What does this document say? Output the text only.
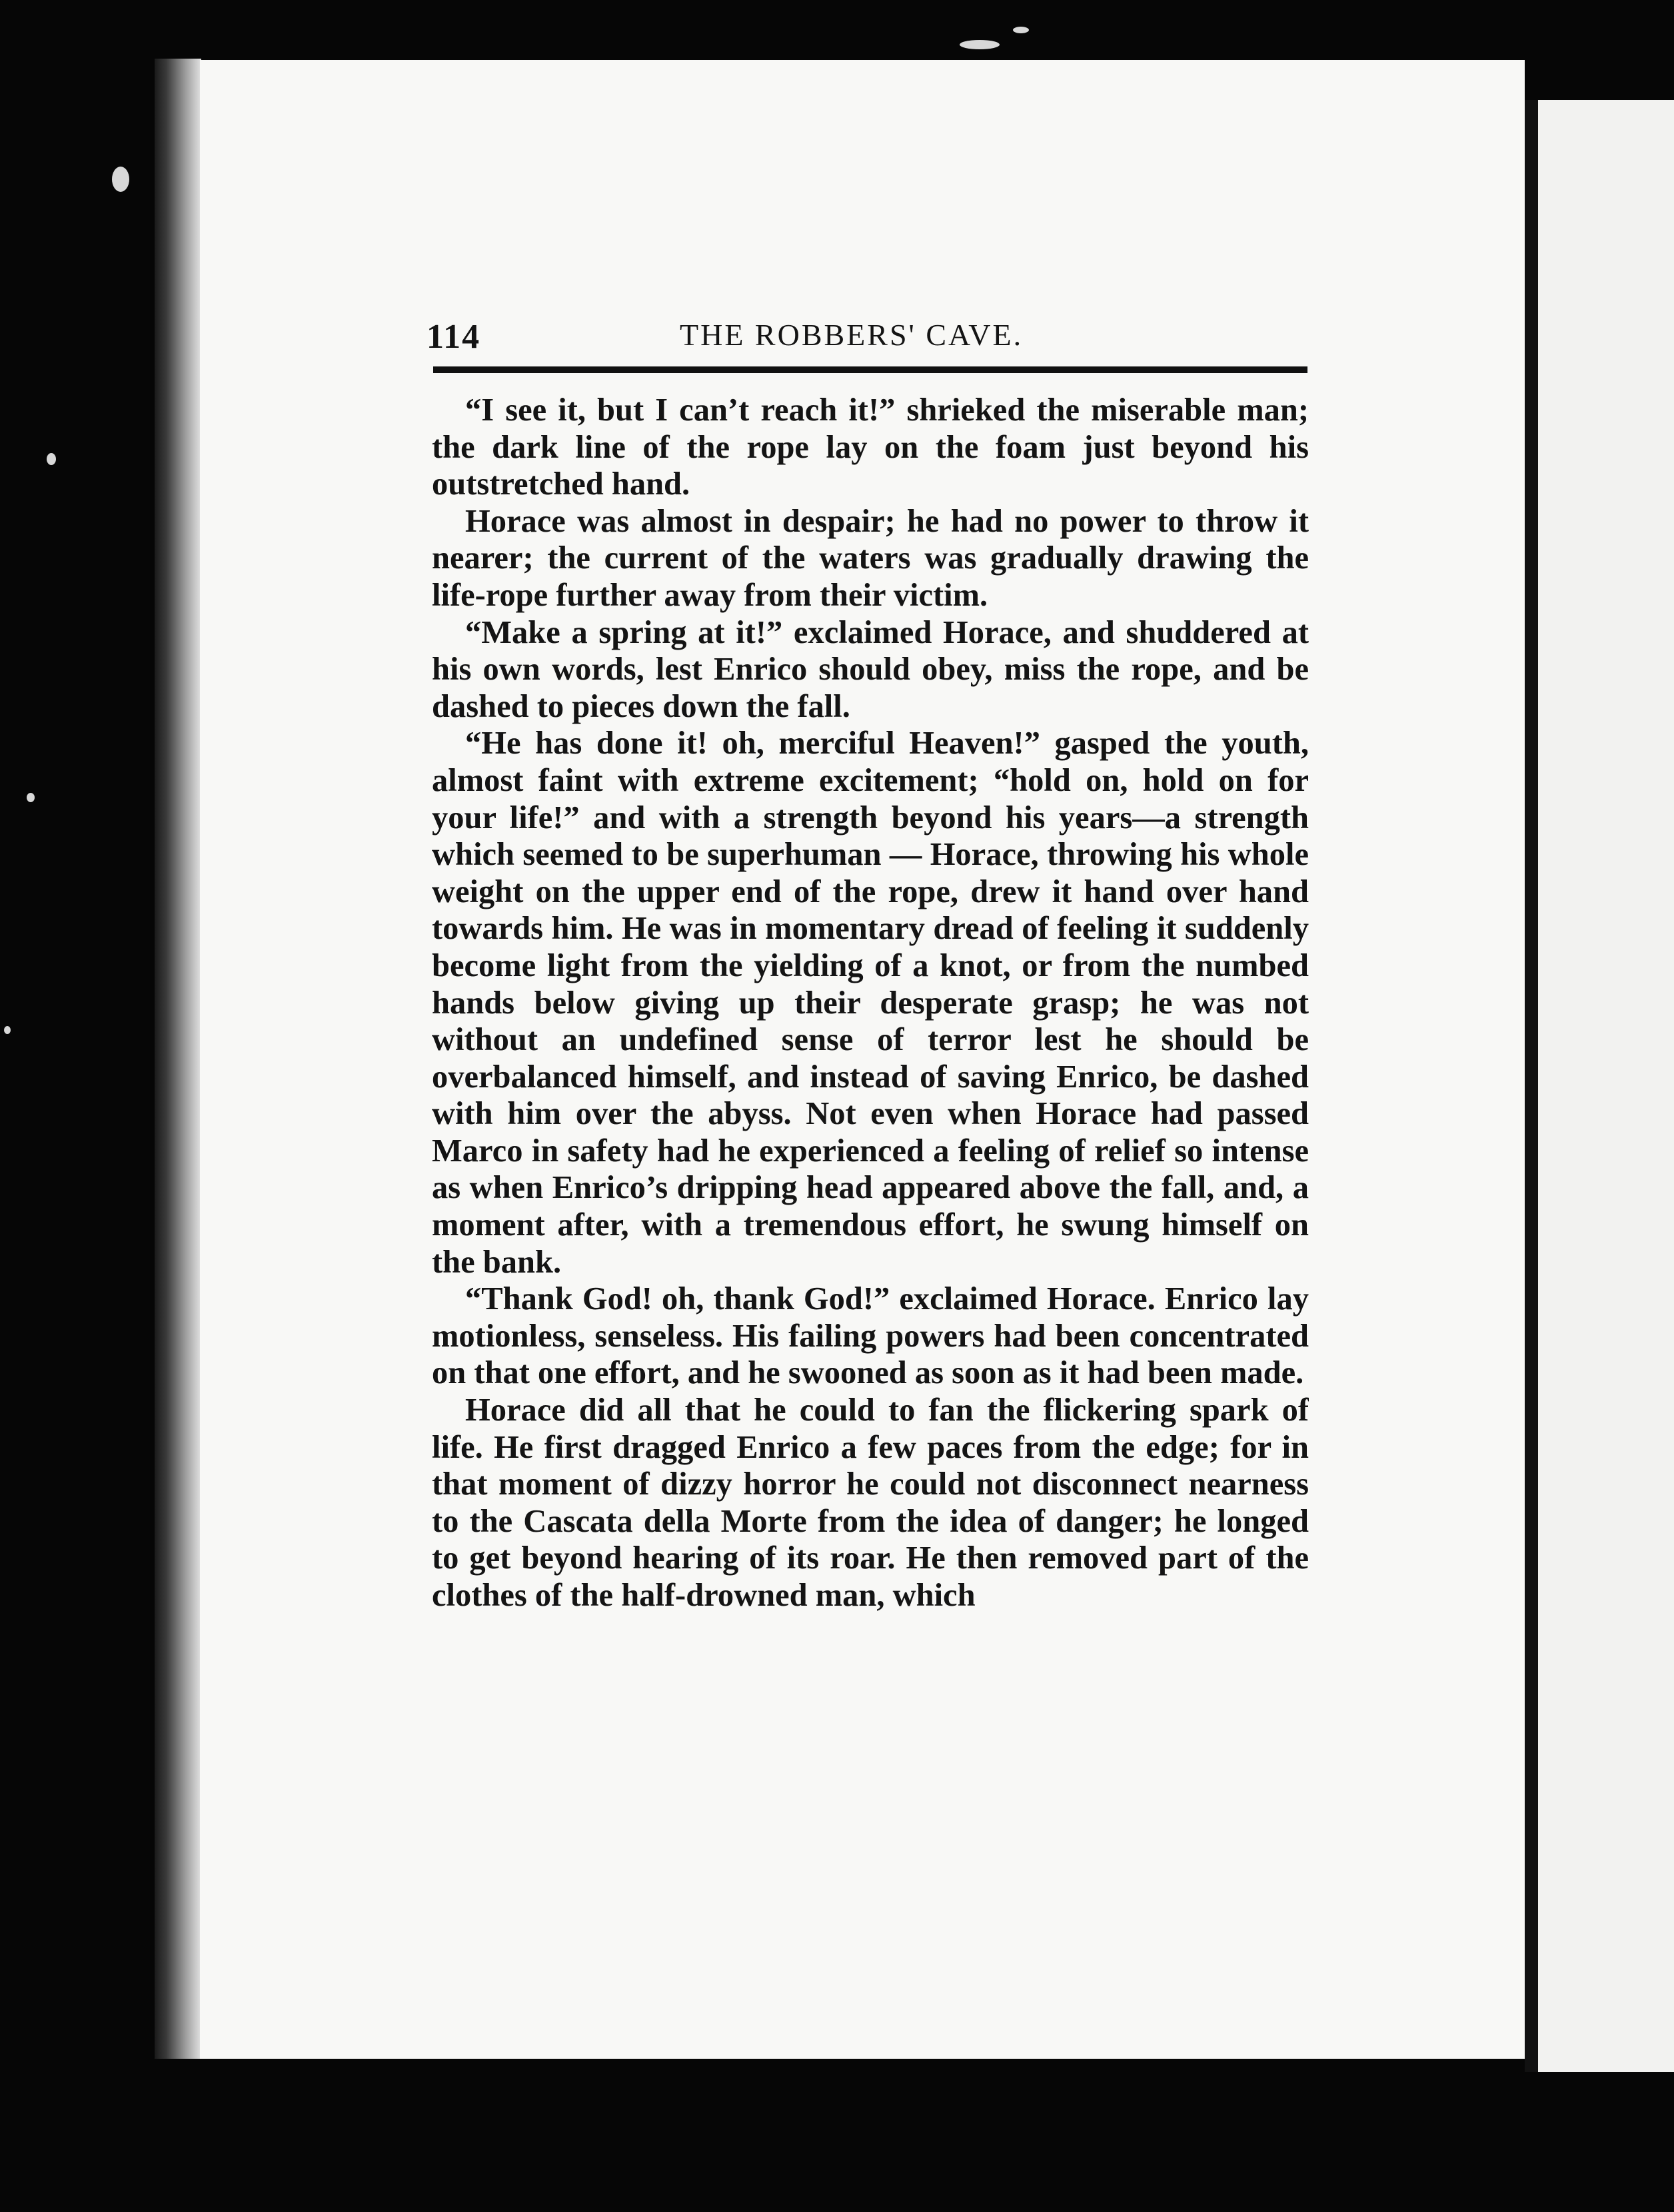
114	THE ROBBERS' CAVE.

“I see it, but I can’t reach it!” shrieked the miserable man; the dark line of the rope lay on the foam just beyond his outstretched hand.

Horace was almost in despair; he had no power to throw it nearer; the current of the waters was gradually drawing the life-rope further away from their victim.

“Make a spring at it!” exclaimed Horace, and shuddered at his own words, lest Enrico should obey, miss the rope, and be dashed to pieces down the fall.

“He has done it! oh, merciful Heaven!” gasped the youth, almost faint with extreme excitement; “hold on, hold on for your life!” and with a strength beyond his years—a strength which seemed to be superhuman — Horace, throwing his whole weight on the upper end of the rope, drew it hand over hand towards him. He was in momentary dread of feeling it suddenly become light from the yielding of a knot, or from the numbed hands below giving up their desperate grasp; he was not without an undefined sense of terror lest he should be overbalanced himself, and instead of saving Enrico, be dashed with him over the abyss. Not even when Horace had passed Marco in safety had he experienced a feeling of relief so intense as when Enrico’s dripping head appeared above the fall, and, a moment after, with a tremendous effort, he swung himself on the bank.

“Thank God! oh, thank God!” exclaimed Horace. Enrico lay motionless, senseless. His failing powers had been concentrated on that one effort, and he swooned as soon as it had been made.

Horace did all that he could to fan the flickering spark of life. He first dragged Enrico a few paces from the edge; for in that moment of dizzy horror he could not disconnect nearness to the Cascata della Morte from the idea of danger; he longed to get beyond hearing of its roar. He then removed part of the clothes of the half-drowned man, which
